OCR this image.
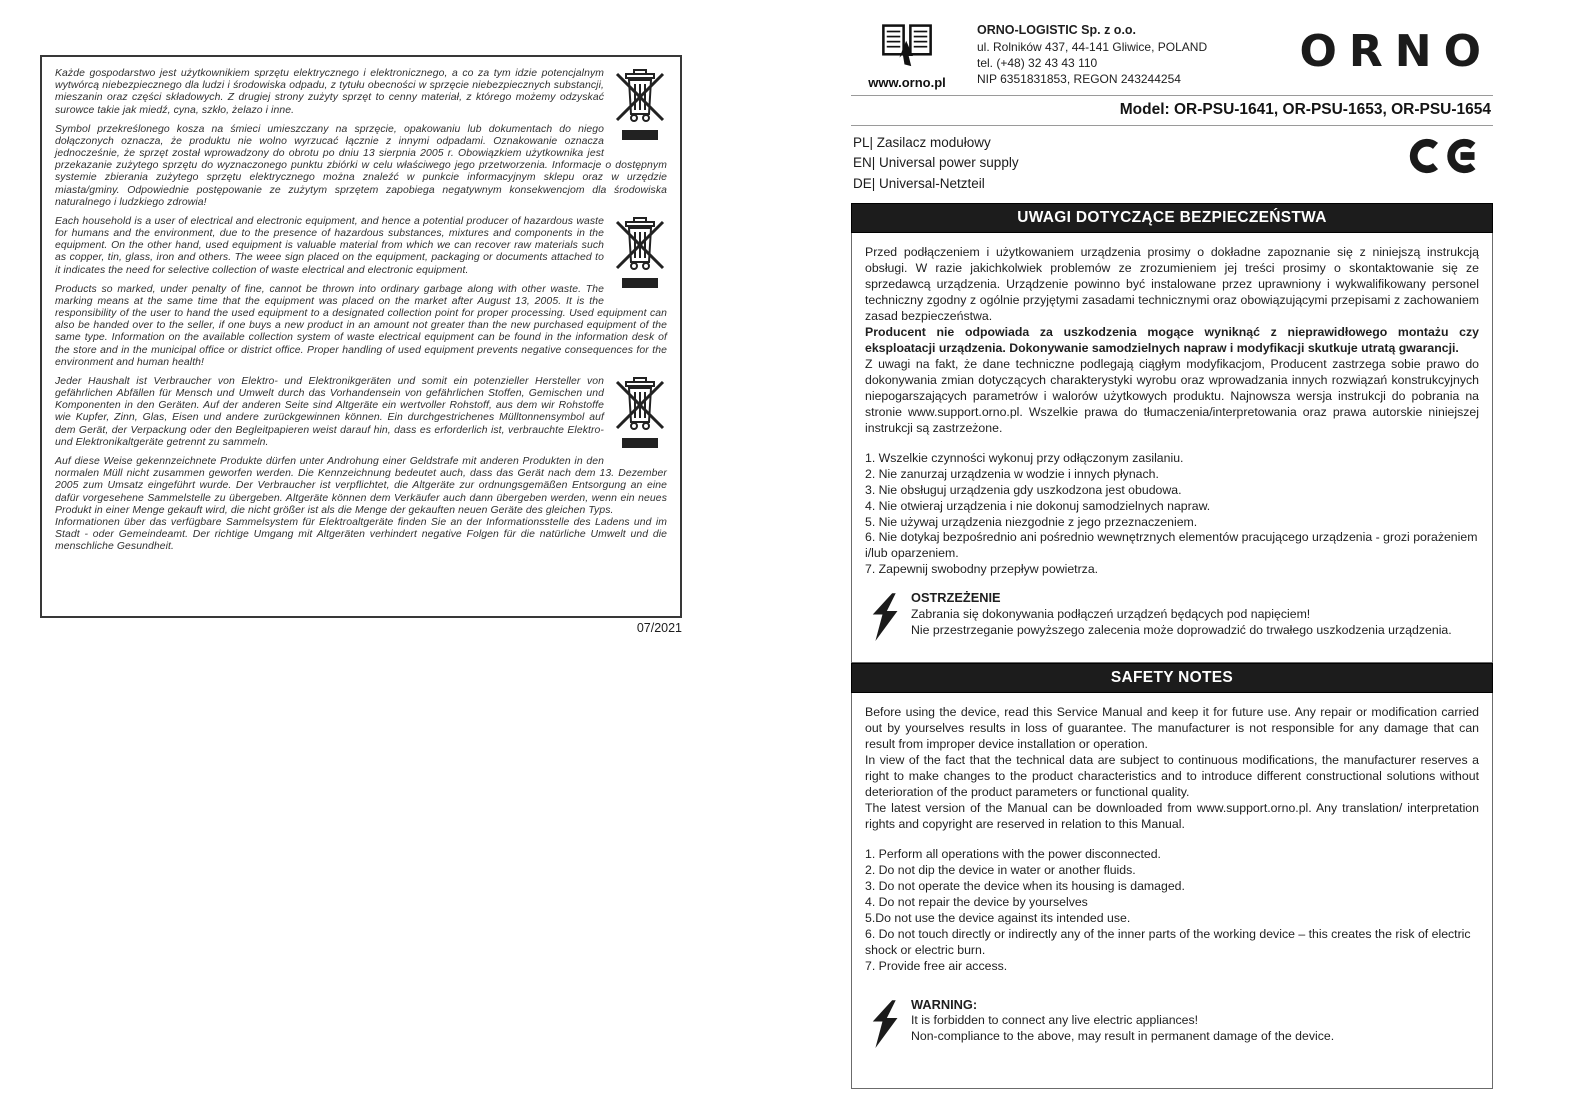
Każde gospodarstwo jest użytkownikiem sprzętu elektrycznego i elektronicznego, a co za tym idzie potencjalnym wytwórcą niebezpiecznego dla ludzi i środowiska odpadu, z tytułu obecności w sprzęcie niebezpiecznych substancji, mieszanin oraz części składowych. Z drugiej strony zużyty sprzęt to cenny materiał, z którego możemy odzyskać surowce takie jak miedź, cyna, szkło, żelazo i inne.

Symbol przekreślonego kosza na śmieci umieszczany na sprzęcie, opakowaniu lub dokumentach do niego dołączonych oznacza, że produktu nie wolno wyrzucać łącznie z innymi odpadami. Oznakowanie oznacza jednocześnie, że sprzęt został wprowadzony do obrotu po dniu 13 sierpnia 2005 r. Obowiązkiem użytkownika jest przekazanie zużytego sprzętu do wyznaczonego punktu zbiórki w celu właściwego jego przetworzenia. Informacje o dostępnym systemie zbierania zużytego sprzętu elektrycznego można znaleźć w punkcie informacyjnym sklepu oraz w urzędzie miasta/gminy. Odpowiednie postępowanie ze zużytym sprzętem zapobiega negatywnym konsekwencjom dla środowiska naturalnego i ludzkiego zdrowia!

Each household is a user of electrical and electronic equipment, and hence a potential producer of hazardous waste for humans and the environment, due to the presence of hazardous substances, mixtures and components in the equipment. On the other hand, used equipment is valuable material from which we can recover raw materials such as copper, tin, glass, iron and others. The weee sign placed on the equipment, packaging or documents attached to it indicates the need for selective collection of waste electrical and electronic equipment.

Products so marked, under penalty of fine, cannot be thrown into ordinary garbage along with other waste. The marking means at the same time that the equipment was placed on the market after August 13, 2005. It is the responsibility of the user to hand the used equipment to a designated collection point for proper processing. Used equipment can also be handed over to the seller, if one buys a new product in an amount not greater than the new purchased equipment of the same type. Information on the available collection system of waste electrical equipment can be found in the information desk of the store and in the municipal office or district office. Proper handling of used equipment prevents negative consequences for the environment and human health!

Jeder Haushalt ist Verbraucher von Elektro- und Elektronikgeräten und somit ein potenzieller Hersteller von gefährlichen Abfällen für Mensch und Umwelt durch das Vorhandensein von gefährlichen Stoffen, Gemischen und Komponenten in den Geräten. Auf der anderen Seite sind Altgeräte ein wertvoller Rohstoff, aus dem wir Rohstoffe wie Kupfer, Zinn, Glas, Eisen und andere zurückgewinnen können. Ein durchgestrichenes Mülltonnensymbol auf dem Gerät, der Verpackung oder den Begleitpapieren weist darauf hin, dass es erforderlich ist, verbrauchte Elektro- und Elektronikaltgeräte getrennt zu sammeln.

Auf diese Weise gekennzeichnete Produkte dürfen unter Androhung einer Geldstrafe mit anderen Produkten in den normalen Müll nicht zusammen geworfen werden. Die Kennzeichnung bedeutet auch, dass das Gerät nach dem 13. Dezember 2005 zum Umsatz eingeführt wurde. Der Verbraucher ist verpflichtet, die Altgeräte zur ordnungsgemäßen Entsorgung an eine dafür vorgesehene Sammelstelle zu übergeben. Altgeräte können dem Verkäufer auch dann übergeben werden, wenn ein neues Produkt in einer Menge gekauft wird, die nicht größer ist als die Menge der gekauften neuen Geräte des gleichen Typs.

Informationen über das verfügbare Sammelsystem für Elektroaltgeräte finden Sie an der Informationsstelle des Ladens und im Stadt - oder Gemeindeamt. Der richtige Umgang mit Altgeräten verhindert negative Folgen für die natürliche Umwelt und die menschliche Gesundheit.

07/2021
www.orno.pl
ORNO-LOGISTIC Sp. z o.o.
ul. Rolników 437, 44-141 Gliwice, POLAND
tel. (+48) 32 43 43 110
NIP 6351831853, REGON 243244254
ORNO
Model: OR-PSU-1641, OR-PSU-1653, OR-PSU-1654
PL| Zasilacz modułowy
EN| Universal power supply
DE| Universal-Netzteil
UWAGI DOTYCZĄCE BEZPIECZEŃSTWA

Przed podłączeniem i użytkowaniem urządzenia prosimy o dokładne zapoznanie się z niniejszą instrukcją obsługi. W razie jakichkolwiek problemów ze zrozumieniem jej treści prosimy o skontaktowanie się ze sprzedawcą urządzenia. Urządzenie powinno być instalowane przez uprawniony i wykwalifikowany personel techniczny zgodny z ogólnie przyjętymi zasadami technicznymi oraz obowiązującymi przepisami z zachowaniem zasad bezpieczeństwa.

Producent nie odpowiada za uszkodzenia mogące wyniknąć z nieprawidłowego montażu czy eksploatacji urządzenia. Dokonywanie samodzielnych napraw i modyfikacji skutkuje utratą gwarancji.

Z uwagi na fakt, że dane techniczne podlegają ciągłym modyfikacjom, Producent zastrzega sobie prawo do dokonywania zmian dotyczących charakterystyki wyrobu oraz wprowadzania innych rozwiązań konstrukcyjnych niepogarszających parametrów i walorów użytkowych produktu. Najnowsza wersja instrukcji do pobrania na stronie www.support.orno.pl. Wszelkie prawa do tłumaczenia/interpretowania oraz prawa autorskie niniejszej instrukcji są zastrzeżone.

1. Wszelkie czynności wykonuj przy odłączonym zasilaniu.
2. Nie zanurzaj urządzenia w wodzie i innych płynach.
3. Nie obsługuj urządzenia gdy uszkodzona jest obudowa.
4. Nie otwieraj urządzenia i nie dokonuj samodzielnych napraw.
5. Nie używaj urządzenia niezgodnie z jego przeznaczeniem.
6. Nie dotykaj bezpośrednio ani pośrednio wewnętrznych elementów pracującego urządzenia - grozi porażeniem i/lub oparzeniem.
7. Zapewnij swobodny przepływ powietrza.
OSTRZEŻENIE
Zabrania się dokonywania podłączeń urządzeń będących pod napięciem!
Nie przestrzeganie powyższego zalecenia może doprowadzić do trwałego uszkodzenia urządzenia.
SAFETY NOTES

Before using the device, read this Service Manual and keep it for future use. Any repair or modification carried out by yourselves results in loss of guarantee. The manufacturer is not responsible for any damage that can result from improper device installation or operation.

In view of the fact that the technical data are subject to continuous modifications, the manufacturer reserves a right to make changes to the product characteristics and to introduce different constructional solutions without deterioration of the product parameters or functional quality.

The latest version of the Manual can be downloaded from www.support.orno.pl. Any translation/ interpretation rights and copyright are reserved in relation to this Manual.

1. Perform all operations with the power disconnected.
2. Do not dip the device in water or another fluids.
3. Do not operate the device when its housing is damaged.
4. Do not repair the device by yourselves
5.Do not use the device against its intended use.
6. Do not touch directly or indirectly any of the inner parts of the working device – this creates the risk of electric shock or electric burn.
7. Provide free air access.
WARNING:
It is forbidden to connect any live electric appliances!
Non-compliance to the above, may result in permanent damage of the device.
